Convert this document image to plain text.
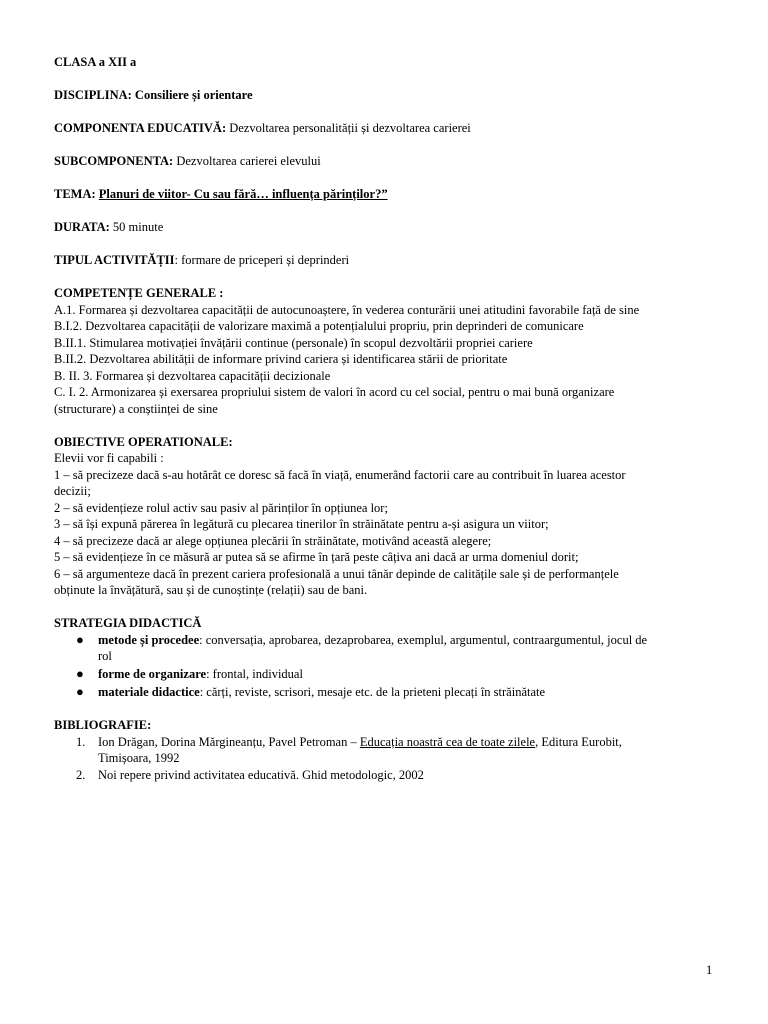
CLASA a XII a
DISCIPLINA: Consiliere și orientare
COMPONENTA EDUCATIVĂ: Dezvoltarea personalității și dezvoltarea carierei
SUBCOMPONENTA: Dezvoltarea carierei elevului
TEMA: Planuri de viitor- Cu sau fără… influența părinților?”
DURATA: 50 minute
TIPUL ACTIVITĂȚII: formare de priceperi și deprinderi

COMPETENȚE GENERALE :

A.1. Formarea și dezvoltarea capacității de autocunoaștere, în vederea conturării unei atitudini favorabile față de sine

B.I.2. Dezvoltarea capacității de valorizare maximă a potențialului propriu, prin deprinderi de comunicare

B.II.1. Stimularea motivației învățării continue (personale) în scopul dezvoltării propriei cariere

B.II.2. Dezvoltarea abilității de informare privind cariera și identificarea stării de prioritate

B. II. 3. Formarea și dezvoltarea capacității decizionale

C. I. 2. Armonizarea și exersarea propriului sistem de valori în acord cu cel social, pentru o mai bună organizare

(structurare) a conștiinței de sine

OBIECTIVE OPERATIONALE:

Elevii vor fi capabili :

1 – să precizeze dacă s-au hotărât ce doresc să facă în viață, enumerând factorii care au contribuit în luarea acestor

decizii;

2 – să evidențieze rolul activ sau pasiv al părinților în opțiunea lor;

3 – să își expună părerea în legătură cu plecarea tinerilor în străinătate pentru a-și asigura un viitor;

4 – să precizeze dacă ar alege opțiunea plecării în străinătate, motivând această alegere;

5 – să evidențieze în ce măsură ar putea să se afirme în țară peste câțiva ani dacă ar urma domeniul dorit;

6 – să argumenteze dacă în prezent cariera profesională a unui tânăr depinde de calitățile sale și de performanțele

obținute la învățătură, sau și de cunoștințe (relații) sau de bani.

STRATEGIA DIDACTICĂ

● metode și procedee: conversația, aprobarea, dezaprobarea, exemplul, argumentul, contraargumentul, jocul de
rol
● forme de organizare: frontal, individual
● materiale didactice: cărți, reviste, scrisori, mesaje etc. de la prieteni plecați în străinătate

BIBLIOGRAFIE:

1. Ion Drăgan, Dorina Mărgineanțu, Pavel Petroman – Educația noastră cea de toate zilele, Editura Eurobit,
Timișoara, 1992
2. Noi repere privind activitatea educativă. Ghid metodologic, 2002
1
